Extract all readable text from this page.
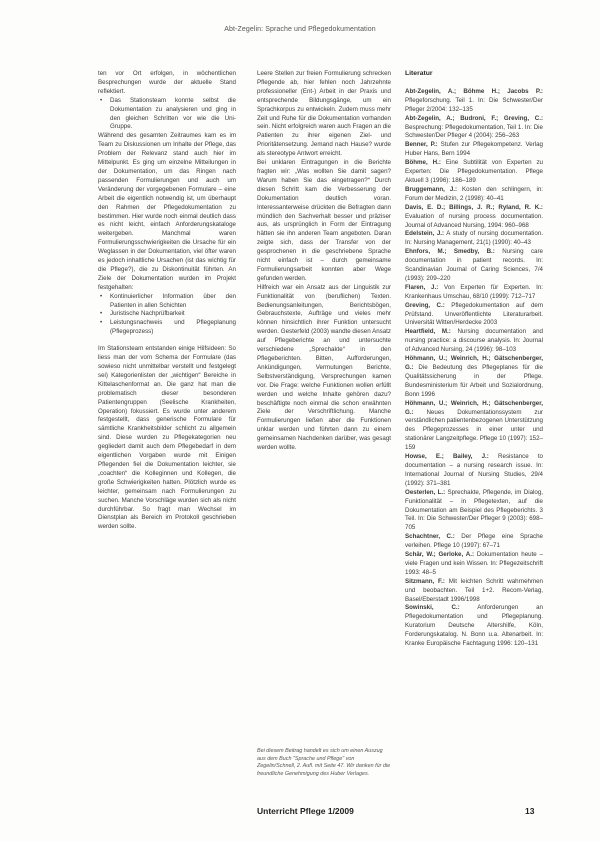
Abt-Zegelin: Sprache und Pflegedokumentation

ten vor Ort erfolgen, in wöchentlichen Besprechungen wurde der aktuelle Stand reflektiert.

• Das Stationsteam konnte selbst die Dokumentation zu analysieren und ging in den gleichen Schritten vor wie die Uni-Gruppe.

Während des gesamten Zeitraumes kam es im Team zu Diskussionen um Inhalte der Pflege, das Problem der Relevanz stand auch hier im Mittelpunkt. Es ging um einzelne Mitteilungen in der Dokumentation, um das Ringen nach passenden Formulierungen und auch um Veränderung der vorgegebenen Formulare – eine Arbeit die eigentlich notwendig ist, um überhaupt den Rahmen der Pflegedokumentation zu bestimmen. Hier wurde noch einmal deutlich dass es nicht leicht, einfach Anforderungskataloge weitergeben. Manchmal waren Formulierungsschwierigkeiten die Ursache für ein Weglassen in der Dokumentation, viel öfter waren es jedoch inhaltliche Ursachen (ist das wichtig für die Pflege?), die zu Diskontinuität führten. An Ziele der Dokumentation wurden im Projekt festgehalten:

• Kontinuierlicher Information über den Patienten in allen Schichten
• Juristische Nachprüfbarkeit
• Leistungsnachweis und Pflegeplanung (Pflegeprozess)

Im Stationsteam entstanden einige Hilfsideen: So liess man der vom Schema der Formulare (das sowieso nicht unmittelbar verstellt und festgelegt sei) Kategorienlisten der „wichtigen“ Bereiche in Kittelaschenformat an. Die ganz hat man die problematisch dieser besonderen Patientengruppen (Seelische Krankheiten, Operation) fokussiert. Es wurde unter anderem festgestellt, dass generische Formulare für sämtliche Krankheitsbilder schlicht zu allgemein sind. Diese wurden zu Pflegekategorien neu gegliedert damit auch dem Pflegebedarf in dem eigentlichen Vorgaben wurde mit Einigen Pflegenden fiel die Dokumentation leichter, sie „coachten“ die Kolleginnen und Kollegen, die große Schwierigkeiten hatten. Plötzlich wurde es leichter, gemeinsam nach Formulierungen zu suchen. Manche Vorschläge wurden sich als nicht durchführbar. So fragt man Wechsel im Dienstplan als Bereich im Protokoll geschrieben werden sollte.

Leere Stellen zur freien Formulierung schrecken Pflegende ab, hier fehlen noch Jahrzehnte professioneller (Ent-) Arbeit in der Praxis und entsprechende Bildungsgänge, um ein Sprachkorpus zu entwickeln. Zudem muss mehr Zeit und Ruhe für die Dokumentation vorhanden sein. Nicht erfolgreich waren auch Fragen an die Patienten zu ihrer eigenen Ziel- und Prioritätensetzung. Jemand nach Hause? wurde als stereotype Antwort erreicht.

Bei unklaren Eintragungen in die Berichte fragten wir: „Was wollten Sie damit sagen? Warum haben Sie das eingetragen?“ Durch diesen Schritt kam die Verbesserung der Dokumentation deutlich voran. Interessanterweise drückten die Befragten dann mündlich den Sachverhalt besser und präziser aus, als ursprünglich in Form der Eintragung hätten sie ihn anderen Team angeboten. Daran zeigte sich, dass der Transfer von der gesprochenen in die geschriebene Sprache nicht einfach ist – durch gemeinsame Formulierungsarbeit konnten aber Wege gefunden werden.

Hilfreich war ein Ansatz aus der Linguistik zur Funktionalität von (beruflichen) Texten. Bedienungsanleitungen, Berichtsbögen, Gebrauchstexte, Aufträge und vieles mehr können hinsichtlich ihrer Funktion untersucht werden. Gesterfeld (2003) wandte diesen Ansatz auf Pflegeberichte an und untersuchte verschiedene „Sprechakte“ in den Pflegeberichten. Bitten, Aufforderungen, Ankündigungen, Vermutungen Berichte, Selbstverständigung, Versprechungen kamen vor. Die Frage: welche Funktionen wollen erfüllt werden und welche Inhalte gehören dazu? beschäftigte noch einmal die schon erwähnten Ziele der Verschriftlichung. Manche Formulierungen ließen aber die Funktionen unklar werden und führten dann zu einem gemeinsamen Nachdenken darüber, was gesagt werden wollte.

Bei diesem Beitrag handelt es sich um einen Auszug aus dem Buch "Sprache und Pflege" von Zegelin/Schnell, 2. Aufl. mit Seite 47. Wir danken für die freundliche Genehmigung des Huber Verlages.
Literatur

Abt-Zegelin, A.; Böhme H.; Jacobs P.: Pflegeforschung. Teil 1. In: Die Schwester/Der Pfleger 2/2004: 132–135

Abt-Zegelin, A.; Budroni, F.; Greving, C.: Besprechung: Pflegedokumentation, Teil 1. In: Die Schwester/Der Pfleger 4 (2004): 256–263

Benner, P.: Stufen zur Pflegekompetenz. Verlag Huber Hans, Bern 1994

Böhme, H.: Eine Subtilität von Experten zu Experten: Die Pflegedokumentation. Pflege Aktuell 3 (1996): 186–189

Bruggemann, J.: Kosten den schlingern, in: Forum der Medizin, 2 (1998): 40–41

Davis, E. D.; Billings, J. R.; Ryland, R. K.: Evaluation of nursing process documentation. Journal of Advanced Nursing, 1994: 960–968

Edelstein, J.: A study of nursing documentation. In: Nursing Management, 21(1) (1990): 40–43

Ehnfors, M.; Smedby, B.: Nursing care documentation in patient records. In: Scandinavian Journal of Caring Sciences, 7/4 (1993): 209–220

Flaren, J.: Von Experten für Experten. In: Krankenhaus Umschau, 68/10 (1999): 712–717

Greving, C.: Pflegedokumentation auf dem Prüfstand. Unveröffentlichte Literaturarbeit. Universität Witten/Herdecke 2003

Heartfield, M.: Nursing documentation and nursing practice: a discourse analysis. In: Journal of Advanced Nursing, 24 (1996): 98–103

Höhmann, U.; Weinrich, H.; Gätschenberger, G.: Die Bedeutung des Pflegeplanes für die Qualitätssicherung in der Pflege. Bundesministerium für Arbeit und Sozialordnung, Bonn 1996

Höhmann, U.; Weinrich, H.; Gätschenberger, G.: Neues Dokumentationssystem zur verständlichen patientenbezogenen Unterstützung des Pflegeprozesses in einer unter und stationärer Langzeitpflege. Pflege 10 (1997): 152–159

Howse, E.; Bailey, J.: Resistance to documentation – a nursing research issue. In: International Journal of Nursing Studies, 29/4 (1992): 371–381

Oesterlen, L.: Sprechakte, Pflegende, im Dialog, Funktionalität – in Pflegetexten, auf die Dokumentation am Beispiel des Pflegeberichts. 3 Teil. In: Die Schwester/Der Pfleger 9 (2003): 698–705

Schachtner, C.: Der Pflege eine Sprache verleihen. Pflege 10 (1997): 67–71

Schär, W.; Gerloke, A.: Dokumentation heute – viele Fragen und kein Wissen. In: Pflegezeitschrift 1993: 48–5

Sitzmann, F.: Mit leichten Schritt wahrnehmen und beobachten. Teil 1+2. Recom-Verlag, Basel/Eberstadt 1996/1998

Sowinski, C.:	Anforderungen an Pflegedokumentation und Pflegeplanung. Kuratorium Deutsche Altershilfe, Köln, Forderungskatalog. N. Bonn u.a. Altenarbeit. In: Kranke Europäische Fachtagung 1996: 120–131

Unterricht Pflege 1/2009	13
